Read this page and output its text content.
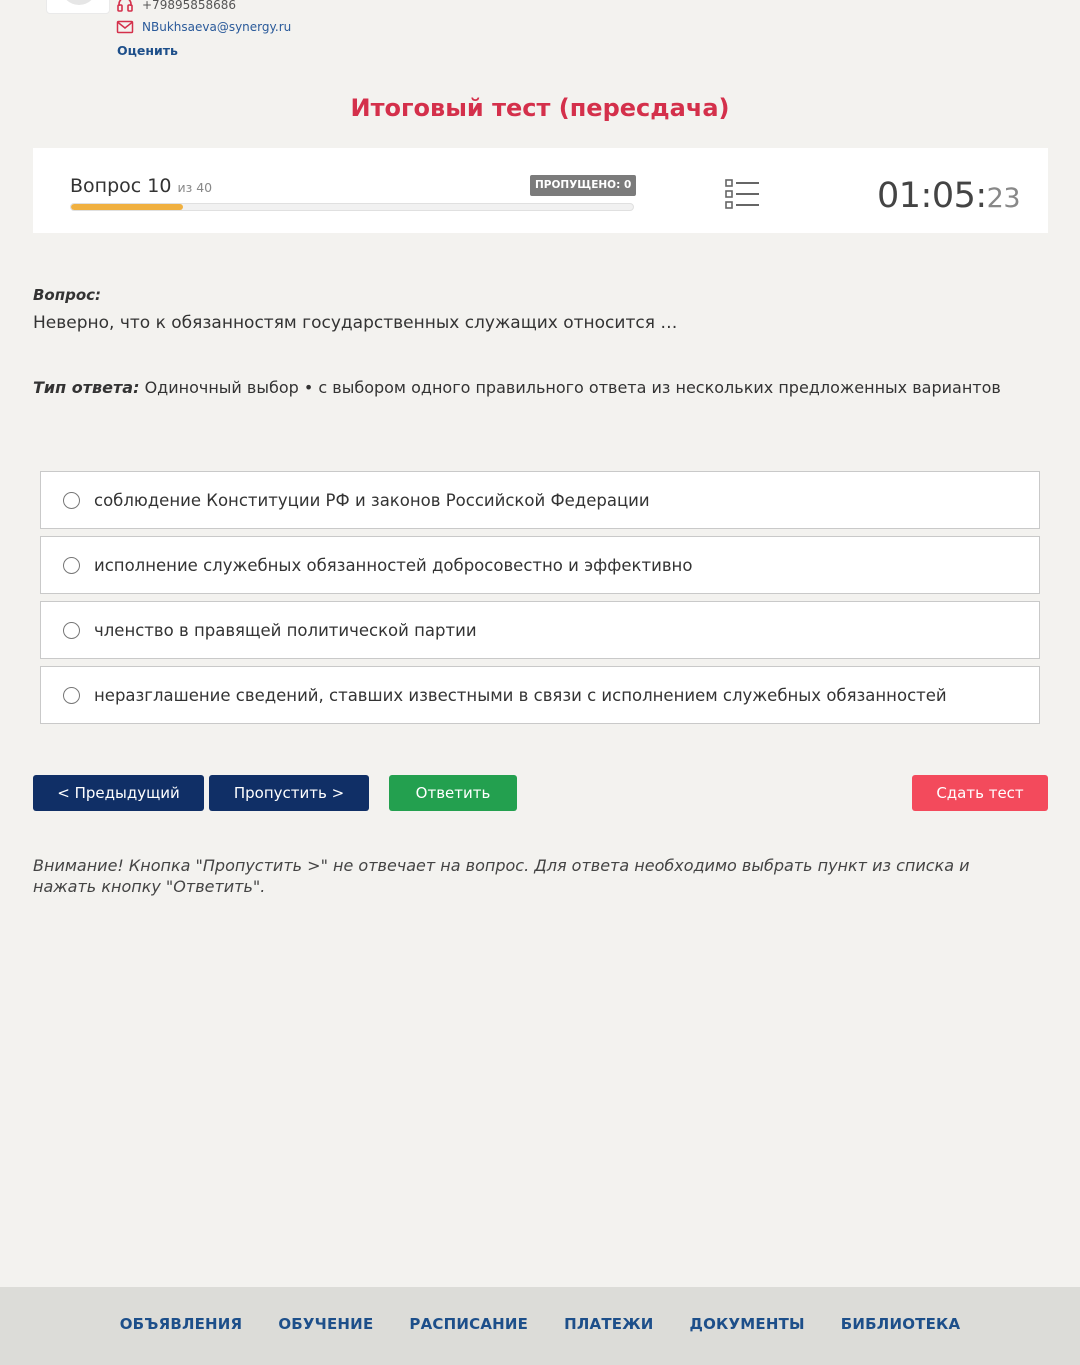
+79895858686
NBukhsaeva@synergy.ru
Оценить
Итоговый тест (пересдача)
Вопрос 10 из 40	ПРОПУЩЕНО: 0	01:05:23
Вопрос:
Неверно, что к обязанностям государственных служащих относится …
Тип ответа: Одиночный выбор • с выбором одного правильного ответа из нескольких предложенных вариантов
соблюдение Конституции РФ и законов Российской Федерации
исполнение служебных обязанностей добросовестно и эффективно
членство в правящей политической партии
неразглашение сведений, ставших известными в связи с исполнением служебных обязанностей
< Предыдущий	Пропустить >	Ответить	Сдать тест
Внимание! Кнопка "Пропустить >" не отвечает на вопрос. Для ответа необходимо выбрать пункт из списка и нажать кнопку "Ответить".
ОБЪЯВЛЕНИЯ ОБУЧЕНИЕ РАСПИСАНИЕ ПЛАТЕЖИ ДОКУМЕНТЫ БИБЛИОТЕКА
